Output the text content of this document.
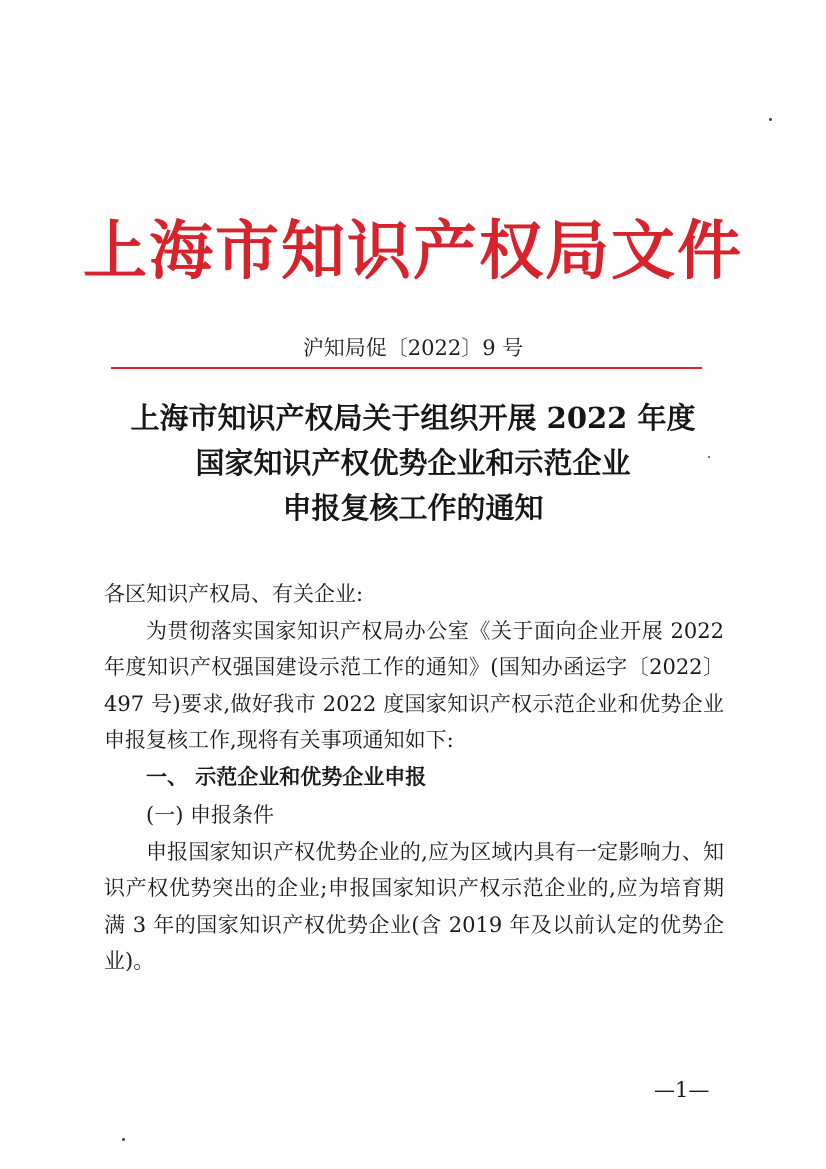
上海市知识产权局文件
沪知局促〔2022〕9 号
上海市知识产权局关于组织开展 2022 年度
国家知识产权优势企业和示范企业
申报复核工作的通知

各区知识产权局、有关企业:

为贯彻落实国家知识产权局办公室《关于面向企业开展 2022 年度知识产权强国建设示范工作的通知》(国知办函运字〔2022〕497 号)要求,做好我市 2022 度国家知识产权示范企业和优势企业申报复核工作,现将有关事项通知如下:

一、 示范企业和优势企业申报

(一) 申报条件

申报国家知识产权优势企业的,应为区域内具有一定影响力、知识产权优势突出的企业;申报国家知识产权示范企业的,应为培育期满 3 年的国家知识产权优势企业(含 2019 年及以前认定的优势企业)。

—1—
